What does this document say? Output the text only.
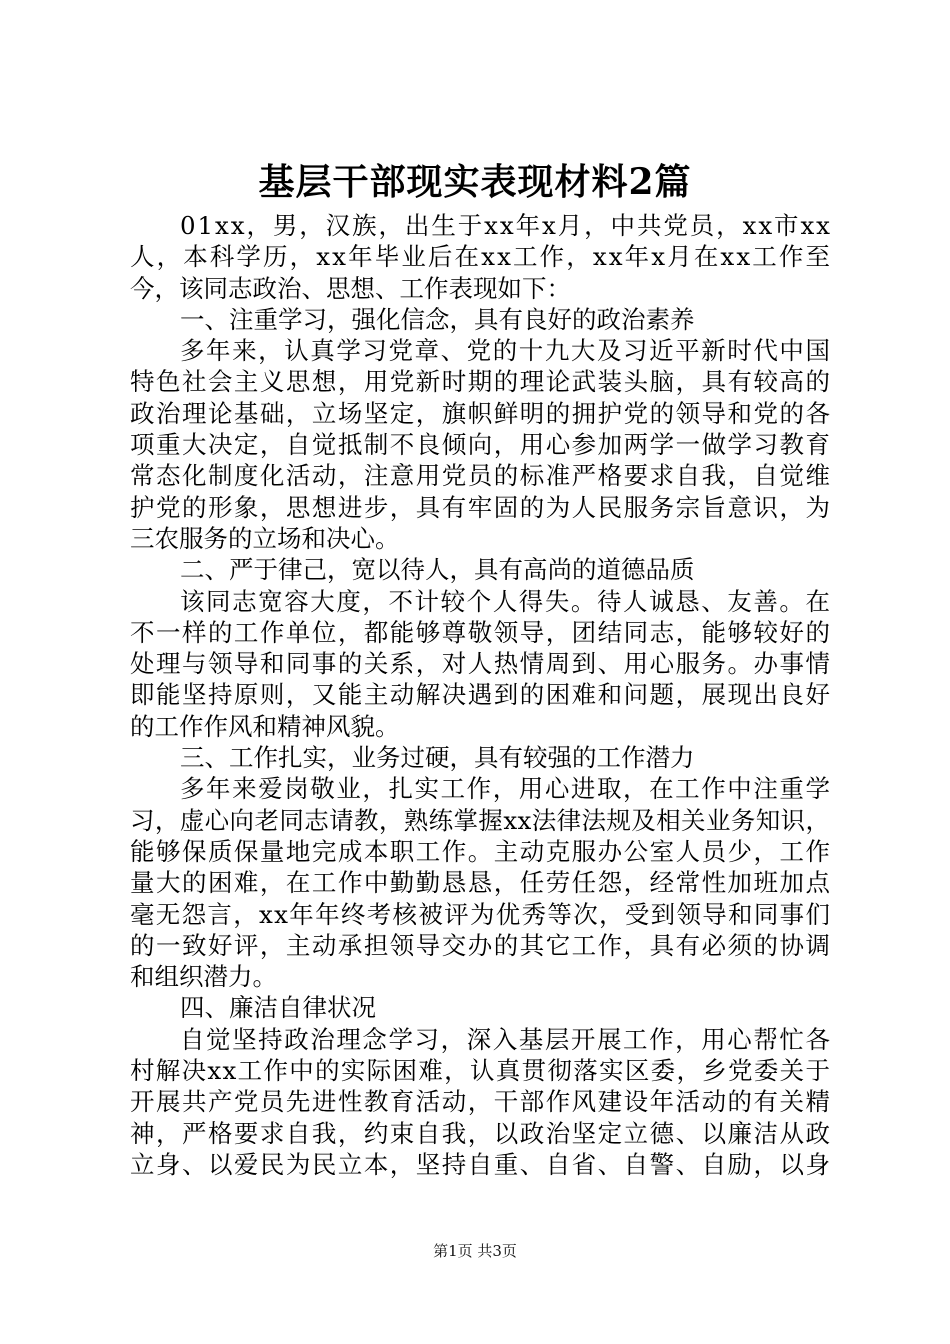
基层干部现实表现材料2篇
01xx，男，汉族，出生于xx年x月，中共党员，xx市xx
人，本科学历，xx年毕业后在xx工作，xx年x月在xx工作至
今，该同志政治、思想、工作表现如下：
一、注重学习，强化信念，具有良好的政治素养
多年来，认真学习党章、党的十九大及习近平新时代中国
特色社会主义思想，用党新时期的理论武装头脑，具有较高的
政治理论基础，立场坚定，旗帜鲜明的拥护党的领导和党的各
项重大决定，自觉抵制不良倾向，用心参加两学一做学习教育
常态化制度化活动，注意用党员的标准严格要求自我，自觉维
护党的形象，思想进步，具有牢固的为人民服务宗旨意识，为
三农服务的立场和决心。
二、严于律己，宽以待人，具有高尚的道德品质
该同志宽容大度，不计较个人得失。待人诚恳、友善。在
不一样的工作单位，都能够尊敬领导，团结同志，能够较好的
处理与领导和同事的关系，对人热情周到、用心服务。办事情
即能坚持原则，又能主动解决遇到的困难和问题，展现出良好
的工作作风和精神风貌。
三、工作扎实，业务过硬，具有较强的工作潜力
多年来爱岗敬业，扎实工作，用心进取，在工作中注重学
习，虚心向老同志请教，熟练掌握xx法律法规及相关业务知识，
能够保质保量地完成本职工作。主动克服办公室人员少，工作
量大的困难，在工作中勤勤恳恳，任劳任怨，经常性加班加点
毫无怨言，xx年年终考核被评为优秀等次，受到领导和同事们
的一致好评，主动承担领导交办的其它工作，具有必须的协调
和组织潜力。
四、廉洁自律状况
自觉坚持政治理念学习，深入基层开展工作，用心帮忙各
村解决xx工作中的实际困难，认真贯彻落实区委，乡党委关于
开展共产党员先进性教育活动，干部作风建设年活动的有关精
神，严格要求自我，约束自我，以政治坚定立德、以廉洁从政
立身、以爱民为民立本，坚持自重、自省、自警、自励，以身
第1页 共3页
